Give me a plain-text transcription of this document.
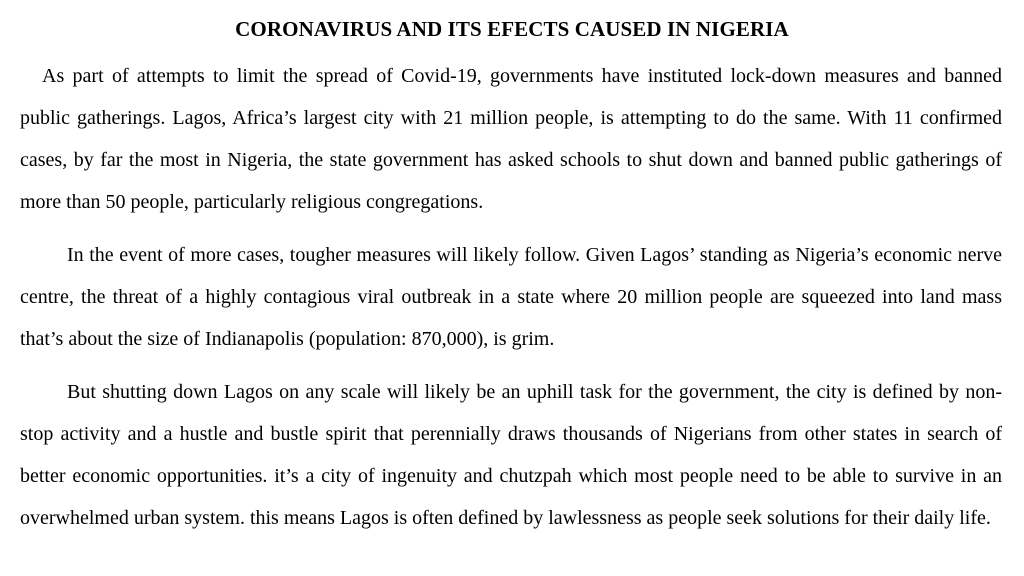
CORONAVIRUS AND ITS EFECTS CAUSED IN NIGERIA

As part of attempts to limit the spread of Covid-19, governments have instituted lock-down measures and banned public gatherings. Lagos, Africa’s largest city with 21 million people, is attempting to do the same. With 11 confirmed cases, by far the most in Nigeria, the state government has asked schools to shut down and banned public gatherings of more than 50 people, particularly religious congregations.

In the event of more cases, tougher measures will likely follow. Given Lagos’ standing as Nigeria’s economic nerve centre, the threat of a highly contagious viral outbreak in a state where 20 million people are squeezed into land mass that’s about the size of Indianapolis (population: 870,000), is grim.

But shutting down Lagos on any scale will likely be an uphill task for the government, the city is defined by non-stop activity and a hustle and bustle spirit that perennially draws thousands of Nigerians from other states in search of better economic opportunities. it’s a city of ingenuity and chutzpah which most people need to be able to survive in an overwhelmed urban system. this means Lagos is often defined by lawlessness as people seek solutions for their daily life.
